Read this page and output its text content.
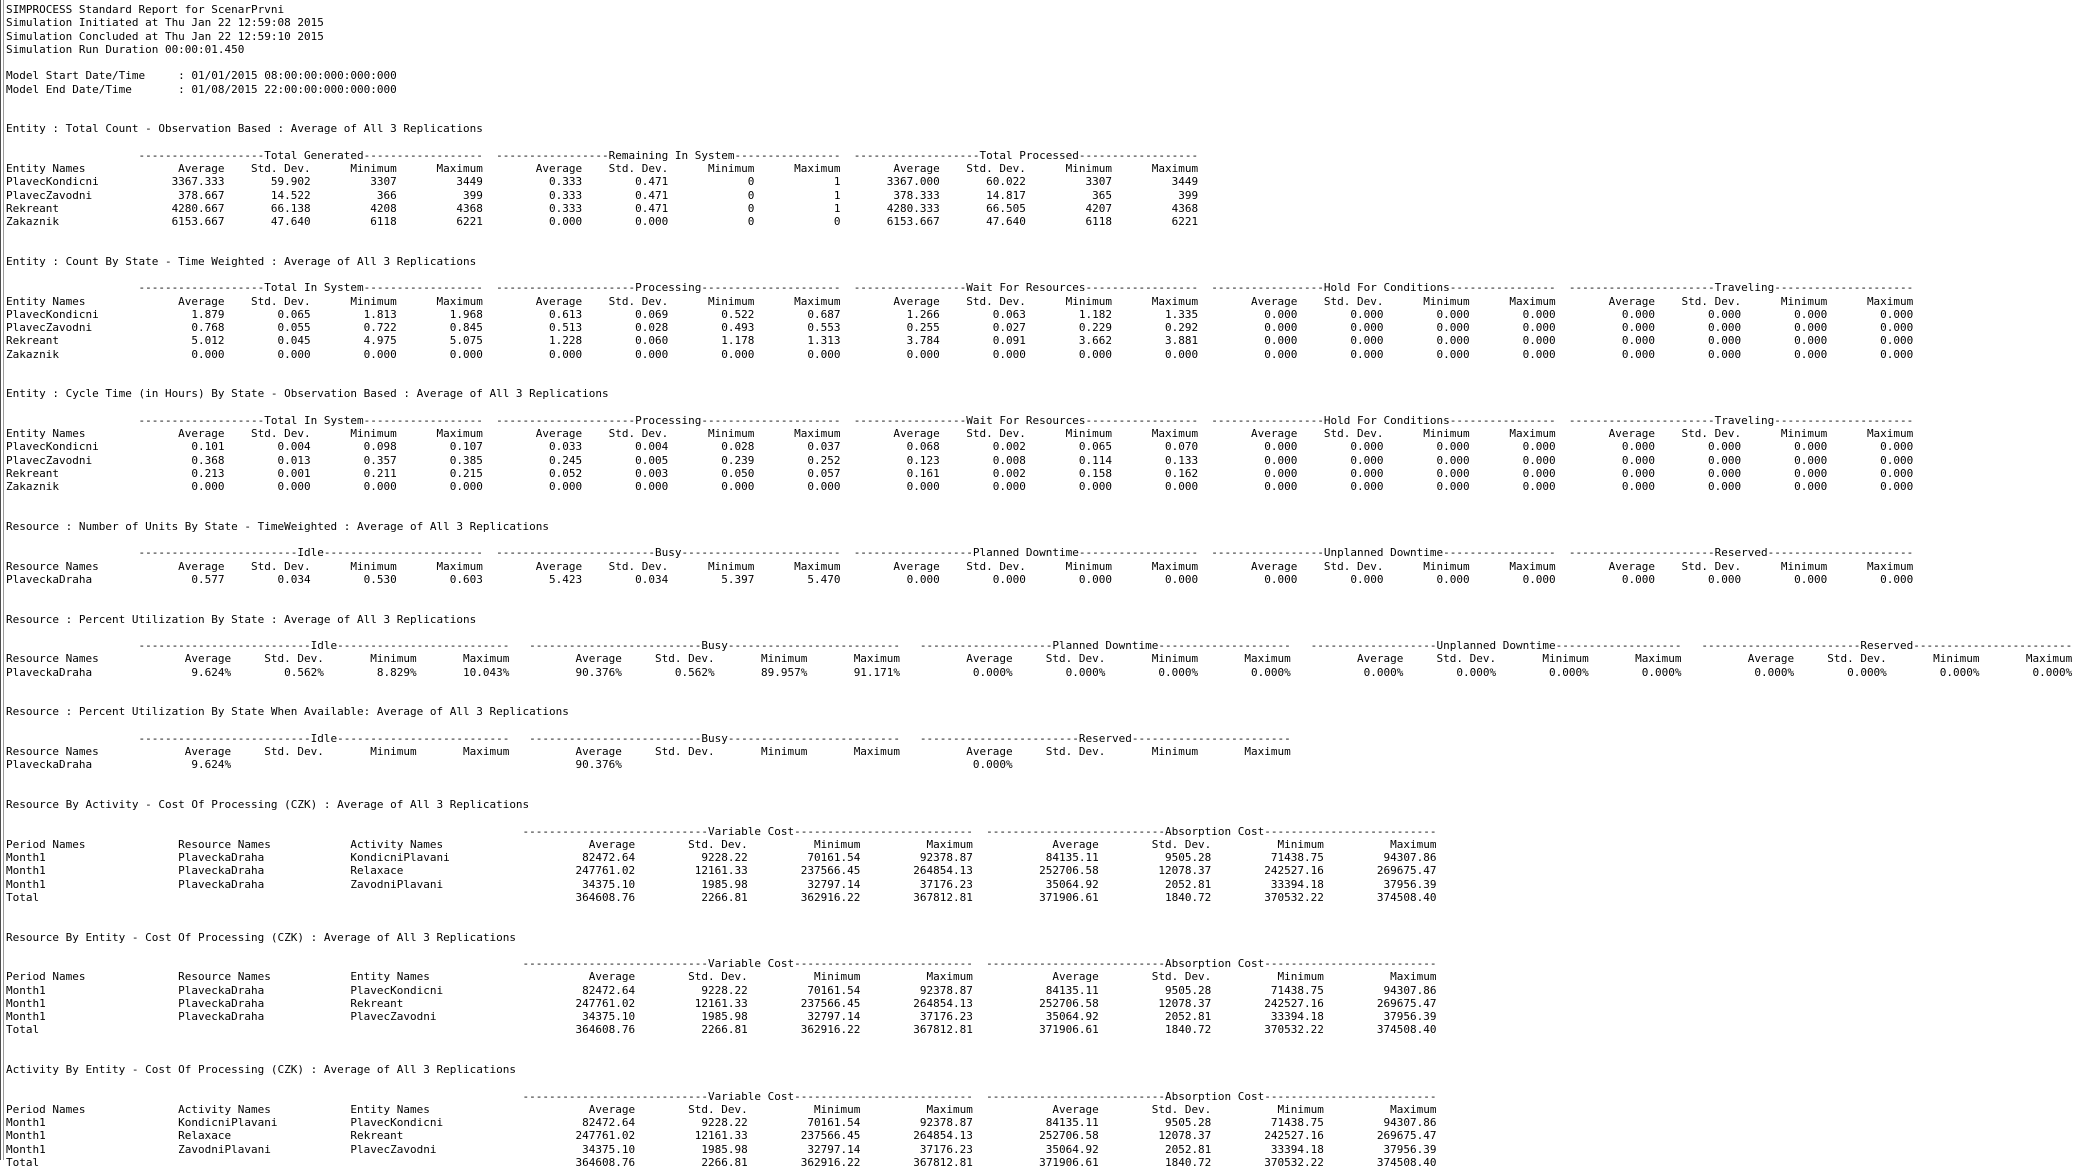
SIMPROCESS Standard Report for ScenarPrvni
Simulation Initiated at Thu Jan 22 12:59:08 2015
Simulation Concluded at Thu Jan 22 12:59:10 2015
Simulation Run Duration 00:00:01.450

Model Start Date/Time     : 01/01/2015 08:00:00:000:000:000
Model End Date/Time       : 01/08/2015 22:00:00:000:000:000

Entity : Total Count - Observation Based : Average of All 3 Replications

-------------------Total Generated------------------  -----------------Remaining In System----------------  -------------------Total Processed------------------
Entity Names              Average    Std. Dev.      Minimum      Maximum        Average    Std. Dev.      Minimum      Maximum        Average    Std. Dev.      Minimum      Maximum
PlavecKondicni           3367.333       59.902         3307         3449          0.333        0.471            0            1       3367.000       60.022         3307         3449
PlavecZavodni             378.667       14.522          366          399          0.333        0.471            0            1        378.333       14.817          365          399
Rekreant                 4280.667       66.138         4208         4368          0.333        0.471            0            1       4280.333       66.505         4207         4368
Zakaznik                 6153.667       47.640         6118         6221          0.000        0.000            0            0       6153.667       47.640         6118         6221

Entity : Count By State - Time Weighted : Average of All 3 Replications

-------------------Total In System------------------  ---------------------Processing---------------------  -----------------Wait For Resources-----------------  -----------------Hold For Conditions----------------  ----------------------Traveling---------------------
Entity Names              Average    Std. Dev.      Minimum      Maximum        Average    Std. Dev.      Minimum      Maximum        Average    Std. Dev.      Minimum      Maximum        Average    Std. Dev.      Minimum      Maximum        Average    Std. Dev.      Minimum      Maximum
PlavecKondicni              1.879        0.065        1.813        1.968          0.613        0.069        0.522        0.687          1.266        0.063        1.182        1.335          0.000        0.000        0.000        0.000          0.000        0.000        0.000        0.000
PlavecZavodni               0.768        0.055        0.722        0.845          0.513        0.028        0.493        0.553          0.255        0.027        0.229        0.292          0.000        0.000        0.000        0.000          0.000        0.000        0.000        0.000
Rekreant                    5.012        0.045        4.975        5.075          1.228        0.060        1.178        1.313          3.784        0.091        3.662        3.881          0.000        0.000        0.000        0.000          0.000        0.000        0.000        0.000
Zakaznik                    0.000        0.000        0.000        0.000          0.000        0.000        0.000        0.000          0.000        0.000        0.000        0.000          0.000        0.000        0.000        0.000          0.000        0.000        0.000        0.000

Entity : Cycle Time (in Hours) By State - Observation Based : Average of All 3 Replications

-------------------Total In System------------------  ---------------------Processing---------------------  -----------------Wait For Resources-----------------  -----------------Hold For Conditions----------------  ----------------------Traveling---------------------
Entity Names              Average    Std. Dev.      Minimum      Maximum        Average    Std. Dev.      Minimum      Maximum        Average    Std. Dev.      Minimum      Maximum        Average    Std. Dev.      Minimum      Maximum        Average    Std. Dev.      Minimum      Maximum
PlavecKondicni              0.101        0.004        0.098        0.107          0.033        0.004        0.028        0.037          0.068        0.002        0.065        0.070          0.000        0.000        0.000        0.000          0.000        0.000        0.000        0.000
PlavecZavodni               0.368        0.013        0.357        0.385          0.245        0.005        0.239        0.252          0.123        0.008        0.114        0.133          0.000        0.000        0.000        0.000          0.000        0.000        0.000        0.000
Rekreant                    0.213        0.001        0.211        0.215          0.052        0.003        0.050        0.057          0.161        0.002        0.158        0.162          0.000        0.000        0.000        0.000          0.000        0.000        0.000        0.000
Zakaznik                    0.000        0.000        0.000        0.000          0.000        0.000        0.000        0.000          0.000        0.000        0.000        0.000          0.000        0.000        0.000        0.000          0.000        0.000        0.000        0.000

Resource : Number of Units By State - TimeWeighted : Average of All 3 Replications

------------------------Idle------------------------  ------------------------Busy------------------------  ------------------Planned Downtime------------------  -----------------Unplanned Downtime-----------------  ----------------------Reserved----------------------
Resource Names            Average    Std. Dev.      Minimum      Maximum        Average    Std. Dev.      Minimum      Maximum        Average    Std. Dev.      Minimum      Maximum        Average    Std. Dev.      Minimum      Maximum        Average    Std. Dev.      Minimum      Maximum
PlaveckaDraha               0.577        0.034        0.530        0.603          5.423        0.034        5.397        5.470          0.000        0.000        0.000        0.000          0.000        0.000        0.000        0.000          0.000        0.000        0.000        0.000

Resource : Percent Utilization By State : Average of All 3 Replications

--------------------------Idle--------------------------   --------------------------Busy--------------------------   --------------------Planned Downtime--------------------   -------------------Unplanned Downtime-------------------   ------------------------Reserved------------------------
Resource Names             Average     Std. Dev.       Minimum       Maximum          Average     Std. Dev.       Minimum       Maximum          Average     Std. Dev.       Minimum       Maximum          Average     Std. Dev.       Minimum       Maximum          Average     Std. Dev.       Minimum       Maximum
PlaveckaDraha               9.624%        0.562%        8.829%       10.043%          90.376%        0.562%       89.957%       91.171%           0.000%        0.000%        0.000%        0.000%           0.000%        0.000%        0.000%        0.000%           0.000%        0.000%        0.000%        0.000%

Resource : Percent Utilization By State When Available: Average of All 3 Replications

--------------------------Idle--------------------------   --------------------------Busy--------------------------   ------------------------Reserved------------------------
Resource Names             Average     Std. Dev.       Minimum       Maximum          Average     Std. Dev.       Minimum       Maximum          Average     Std. Dev.       Minimum       Maximum
PlaveckaDraha               9.624%                                                    90.376%                                                     0.000%

Resource By Activity - Cost Of Processing (CZK) : Average of All 3 Replications

----------------------------Variable Cost---------------------------  ---------------------------Absorption Cost--------------------------
Period Names              Resource Names            Activity Names                      Average        Std. Dev.          Minimum          Maximum            Average        Std. Dev.          Minimum          Maximum
Month1                    PlaveckaDraha             KondicniPlavani                    82472.64          9228.22         70161.54         92378.87           84135.11          9505.28         71438.75         94307.86
Month1                    PlaveckaDraha             Relaxace                          247761.02         12161.33        237566.45        264854.13          252706.58         12078.37        242527.16        269675.47
Month1                    PlaveckaDraha             ZavodniPlavani                     34375.10          1985.98         32797.14         37176.23           35064.92          2052.81         33394.18         37956.39
Total                                                                                 364608.76          2266.81        362916.22        367812.81          371906.61          1840.72        370532.22        374508.40

Resource By Entity - Cost Of Processing (CZK) : Average of All 3 Replications

----------------------------Variable Cost---------------------------  ---------------------------Absorption Cost--------------------------
Period Names              Resource Names            Entity Names                        Average        Std. Dev.          Minimum          Maximum            Average        Std. Dev.          Minimum          Maximum
Month1                    PlaveckaDraha             PlavecKondicni                     82472.64          9228.22         70161.54         92378.87           84135.11          9505.28         71438.75         94307.86
Month1                    PlaveckaDraha             Rekreant                          247761.02         12161.33        237566.45        264854.13          252706.58         12078.37        242527.16        269675.47
Month1                    PlaveckaDraha             PlavecZavodni                      34375.10          1985.98         32797.14         37176.23           35064.92          2052.81         33394.18         37956.39
Total                                                                                 364608.76          2266.81        362916.22        367812.81          371906.61          1840.72        370532.22        374508.40

Activity By Entity - Cost Of Processing (CZK) : Average of All 3 Replications

----------------------------Variable Cost---------------------------  ---------------------------Absorption Cost--------------------------
Period Names              Activity Names            Entity Names                        Average        Std. Dev.          Minimum          Maximum            Average        Std. Dev.          Minimum          Maximum
Month1                    KondicniPlavani           PlavecKondicni                     82472.64          9228.22         70161.54         92378.87           84135.11          9505.28         71438.75         94307.86
Month1                    Relaxace                  Rekreant                          247761.02         12161.33        237566.45        264854.13          252706.58         12078.37        242527.16        269675.47
Month1                    ZavodniPlavani            PlavecZavodni                      34375.10          1985.98         32797.14         37176.23           35064.92          2052.81         33394.18         37956.39
Total                                                                                 364608.76          2266.81        362916.22        367812.81          371906.61          1840.72        370532.22        374508.40
